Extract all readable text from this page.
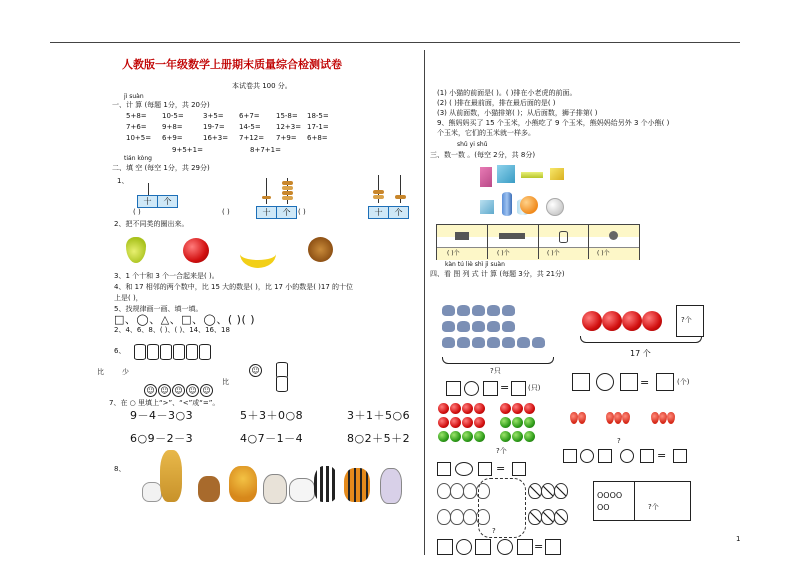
人教版一年级数学上册期末质量综合检测试卷
本试卷共 100 分。
jì suàn
一、计 算 (每题 1分，共 20分)
5+8= 10-5=	3+5= 6+7= 15-8= 18-5=
7+6= 9+8=	19-7= 14-5= 12+3= 17-1=
10+5= 6+9=	16+3= 7+12= 7+9= 6+8=
9+5+1=	8+7+1=
tián kòng
二、填 空 (每空 1分，共 29分)
1、
十	个
( )	( )	十	个	( )	十	个
2、把不同类的圈出来。
3、1 个十和 3 个一合起来是( )。
4、和 17 相邻的两个数中，比 15 大的数是( )，比 17 小的数是( )17 的十位
上是( )，
5、找规律画一画、填一填。
□、◯、△、□、◯、( )( )
2、4、6、8、( )、( )、14、16、18
6、
比	少
☺ ☺ ☺ ☺ ☺
比
☺
7、在 ○ 里填上“>”、“<”或“=”。
9－4－3○3	5＋3＋0○8	3＋1＋5○6
6○9－2－3	4○7－1－4	8○2＋5＋2
8、
(1) 小猫的前面是( )。( )排在小老虎的前面。
(2) ( )排在最前面，排在最后面的是( )
(3) 从前面数，小猫排第( )；从后面数，狮子排第( )
9、熊妈妈买了 15 个玉米，小熊吃了 9 个玉米，熊妈妈给另外 3 个小熊( )
个玉米，它们的玉米就一样多。
shǔ yi shǔ
三、数一数 。(每空 2分，共 8分)
( )个	( )个	( )个	( )个
kàn tú liè shì jì suàn
四、看 图 列 式 计 算 (每题 3分，共 21分)
?只
=	(只)
?个
17 个
=	(个)
?个
=
?
=
?
=
OOOO
OO	?个
1
